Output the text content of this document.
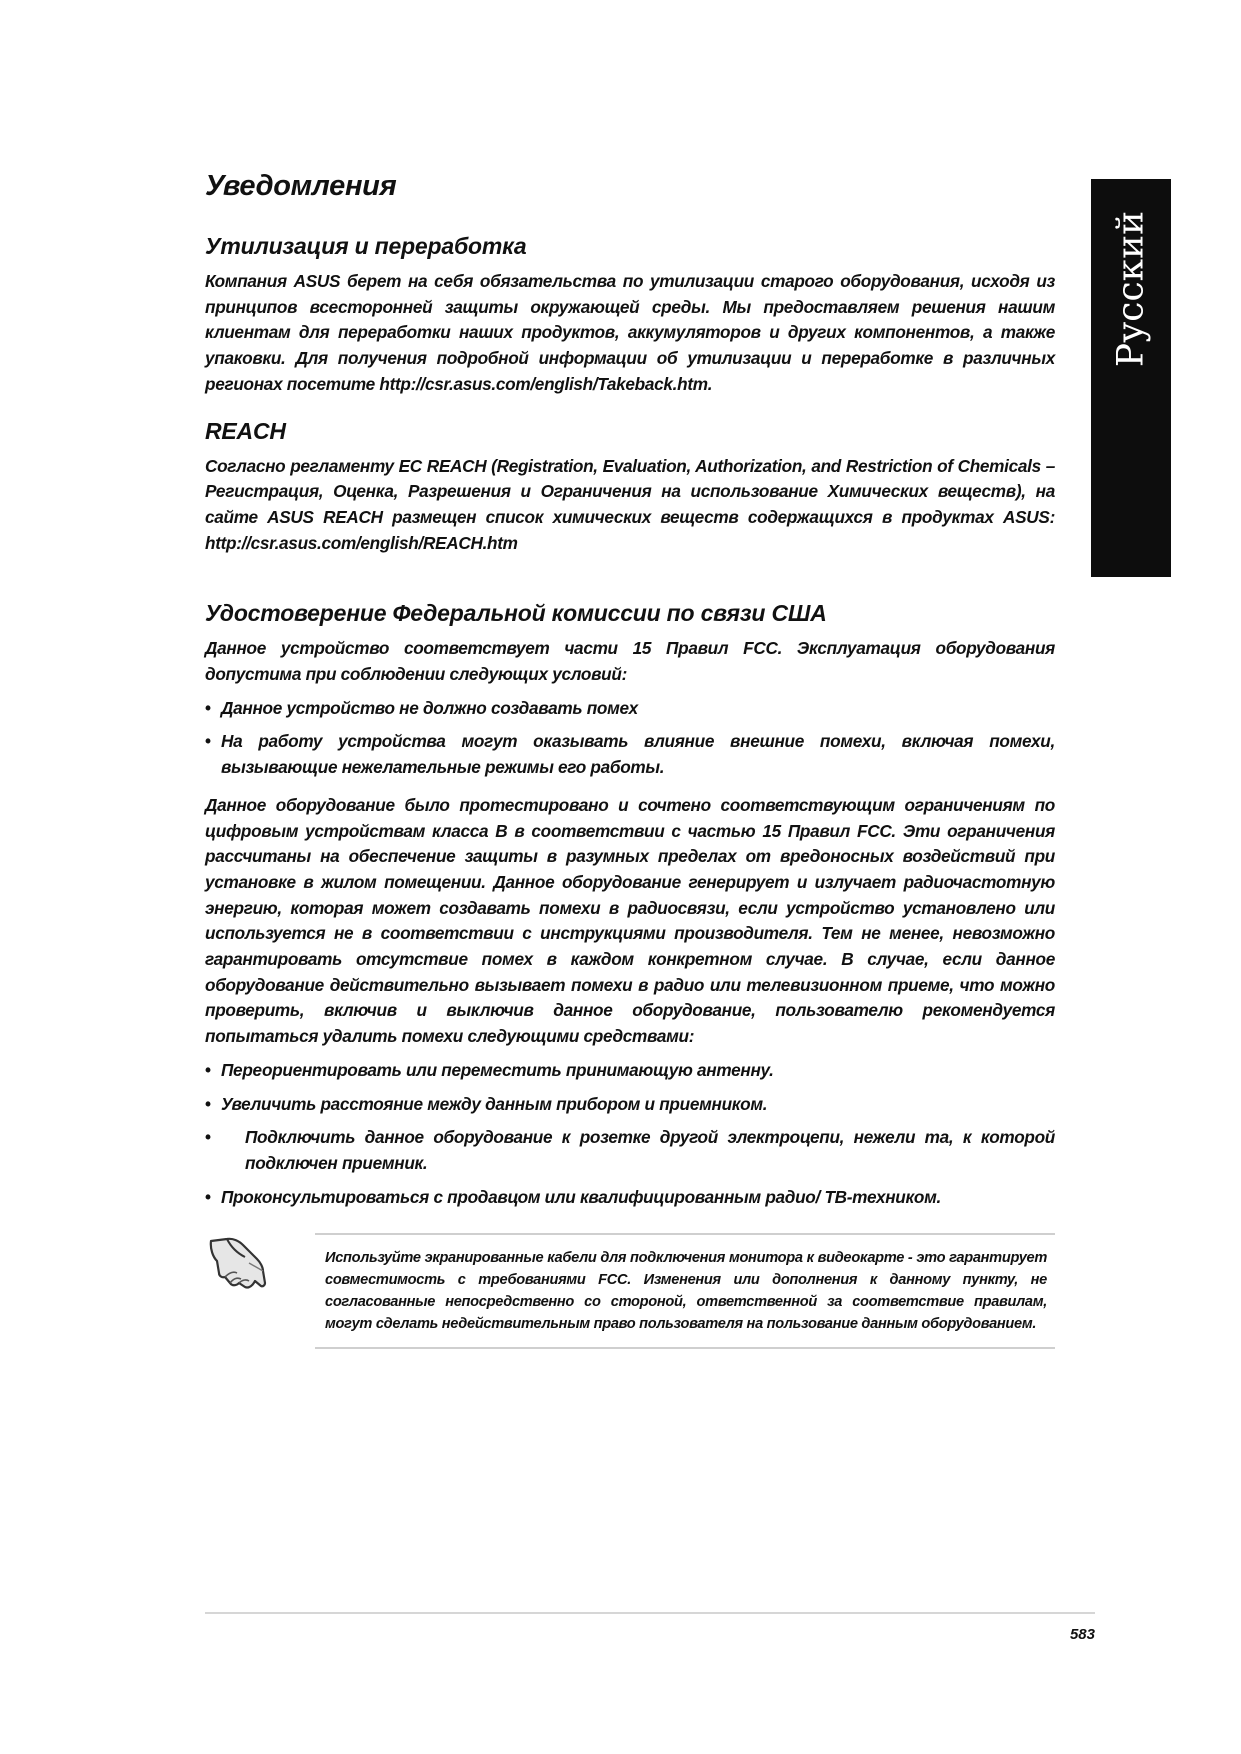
Русский
Уведомления
Утилизация и переработка

Компания ASUS берет на себя обязательства по утилизации старого оборудования, исходя из принципов всесторонней защиты окружающей среды. Мы предоставляем решения нашим клиентам для переработки наших продуктов, аккумуляторов и других компонентов, а также упаковки. Для получения подробной информации об утилизации и переработке в различных регионах посетите http://csr.asus.com/english/Takeback.htm.

REACH

Согласно регламенту EC REACH (Registration, Evaluation, Authorization, and Restriction of Chemicals – Регистрация, Оценка, Разрешения и Ограничения на использование Химических веществ), на сайте ASUS REACH размещен список химических веществ содержащихся в продуктах ASUS: http://csr.asus.com/english/REACH.htm

Удостоверение Федеральной комиссии по связи США

Данное устройство соответствует части 15 Правил FCC. Эксплуатация оборудования допустима при соблюдении следующих условий:

• Данное устройство не должно создавать помех
• На работу устройства могут оказывать влияние внешние помехи, включая помехи, вызывающие нежелательные режимы его работы.

Данное оборудование было протестировано и сочтено соответствующим ограничениям по цифровым устройствам класса В в соответствии с частью 15 Правил FCC. Эти ограничения рассчитаны на обеспечение защиты в разумных пределах от вредоносных воздействий при установке в жилом помещении. Данное оборудование генерирует и излучает радиочастотную энергию, которая может создавать помехи в радиосвязи, если устройство установлено или используется не в соответствии с инструкциями производителя. Тем не менее, невозможно гарантировать отсутствие помех в каждом конкретном случае. В случае, если данное оборудование действительно вызывает помехи в радио или телевизионном приеме, что можно проверить, включив и выключив данное оборудование, пользователю рекомендуется попытаться удалить помехи следующими средствами:

• Переориентировать или переместить принимающую антенну.
• Увеличить расстояние между данным прибором и приемником.
• Подключить данное оборудование к розетке другой электроцепи, нежели та, к которой подключен приемник.
• Проконсультироваться с продавцом или квалифицированным радио/ ТВ-техником.

Используйте экранированные кабели для подключения монитора к видеокарте - это гарантирует совместимость с требованиями FCC. Изменения или дополнения к данному пункту, не согласованные непосредственно со стороной, ответственной за соответствие правилам, могут сделать недействительным право пользователя на пользование данным оборудованием.

583
